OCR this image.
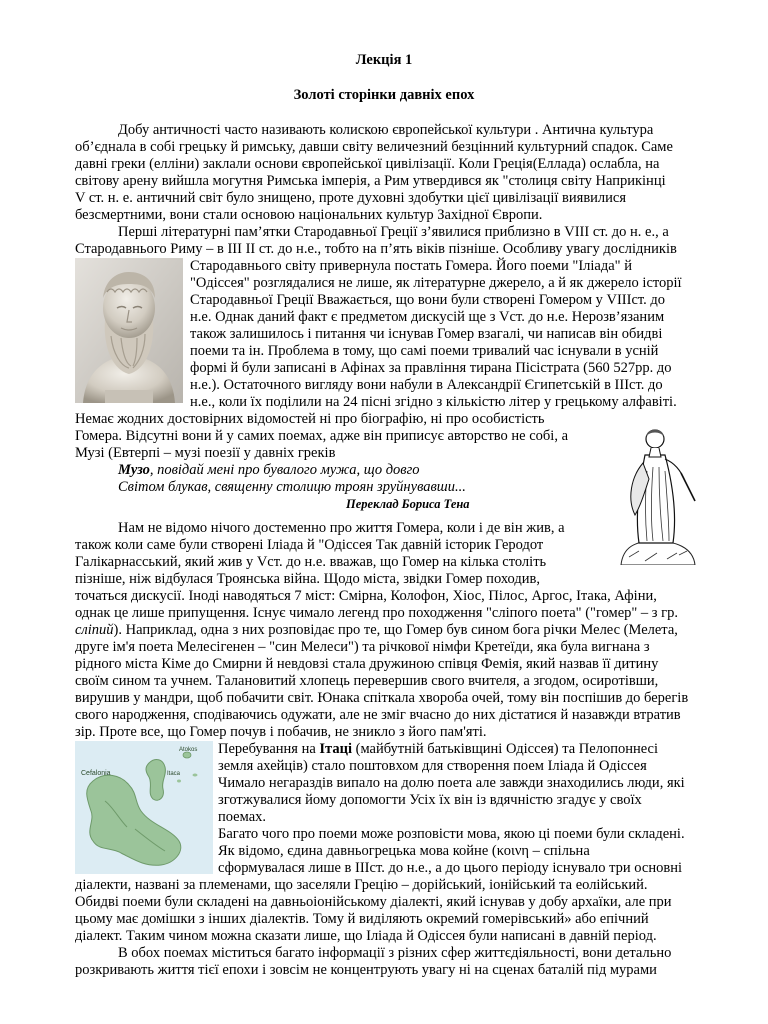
Лекція 1
Золоті сторінки давніх епох
Добу античності часто називають колискою європейської культури . Антична культура
об’єднала в собі грецьку й римську, давши світу величезний безцінний культурний спадок. Саме
давні греки (елліни) заклали основи європейської цивілізації. Коли Греція(Еллада) ослабла, на
світову арену вийшла могутня Римська імперія, а Рим утвердився як "столиця світу Наприкінці
V ст. н. е. античний світ було знищено, проте духовні здобутки цієї цивілізації виявилися
безсмертними, вони стали основою національних культур Західної Європи.
Перші літературні пам’ятки Стародавньої Греції з’явилися приблизно в VIII ст. до н. е., а
Стародавнього Риму – в ІІІ ІІ ст. до н.е., тобто на п’ять віків пізніше. Особливу увагу дослідників
Стародавнього світу привернула постать Гомера. Його поеми "Іліада" й
"Одіссея" розглядалися не лише, як літературне джерело, а й як джерело історії
Стародавньої Греції Вважається, що вони були створені Гомером у VIIIст. до
н.е. Однак даний факт є предметом дискусій ще з Vст. до н.е. Нерозв’язаним
також залишилось і питання чи існував Гомер взагалі, чи написав він обидві
поеми та ін. Проблема в тому, що самі поеми тривалий час існували в усній
формі й були записані в Афінах за правління тирана Пісістрата (560 527рр. до
н.е.). Остаточного вигляду вони набули в Александрії Єгипетській в ІІІст. до
н.е., коли їх поділили на 24 пісні згідно з кількістю літер у грецькому алфавіті.
Немає жодних достовірних відомостей ні про біографію, ні про особистість
Гомера. Відсутні вони й у самих поемах, адже він приписує авторство не собі, а
Музі (Евтерпі – музі поезії у давніх греків
Музо, повідай мені про бувалого мужа, що довго
Світом блукав, священну столицю троян зруйнувавши...
Переклад Бориса Тена
Нам не відомо нічого достеменно про життя Гомера, коли і де він жив, а
також коли саме були створені Іліада й "Одіссея Так давній історик Геродот
Галікарнасський, який жив у Vст. до н.е. вважав, що Гомер на кілька століть
пізніше, ніж відбулася Троянська війна. Щодо міста, звідки Гомер походив,
точаться дискусії. Іноді наводяться 7 міст: Смірна, Колофон, Хіос, Пілос, Аргос, Ітака, Афіни,
однак це лише припущення. Існує чимало легенд про походження "сліпого поета" ("гомер" – з гр.
сліпий). Наприклад, одна з них розповідає про те, що Гомер був сином бога річки Мелес (Мелета,
друге ім'я поета Мелесігенен – "син Мелеси") та річкової німфи Кретеїди, яка була вигнана з
рідного міста Кіме до Смирни й невдовзі стала дружиною співця Фемія, який назвав її дитину
своїм сином та учнем. Талановитий хлопець перевершив свого вчителя, а згодом, осиротівши,
вирушив у мандри, щоб побачити світ. Юнака спіткала хвороба очей, тому він поспішив до берегів
свого народження, сподіваючись одужати, але не зміг вчасно до них дістатися й назавжди втратив
зір. Проте все, що Гомер почув і побачив, не зникло з його пам'яті.
Перебування на Ітаці (майбутній батьківщині Одіссея) та Пелопоннесі
земля ахейців) стало поштовхом для створення поем Іліада й Одіссея
Чимало негараздів випало на долю поета але завжди знаходились люди, які
зготжувалися йому допомогти Усіх їх він із вдячністю згадує у своїх
поемах.
Багато чого про поеми може розповісти мова, якою ці поеми були складені.
Як відомо, єдина давньогрецька мова койне (κοινη – спільна
сформувалася лише в ІІІст. до н.е., а до цього періоду існувало три основні
діалекти, названі за племенами, що заселяли Грецію – дорійський, іонійський та еолійський.
Обидві поеми були складені на давньоіонійському діалекті, який існував у добу архаїки, але при
цьому має домішки з інших діалектів. Тому й виділяють окремий гомерівський» або епічний
діалект. Таким чином можна сказати лише, що Іліада й Одіссея були написані в давній період.
В обох поемах міститься багато інформації з різних сфер життєдіяльності, вони детально
розкривають життя тієї епохи і зовсім не концентрують увагу ні на сценах баталій під мурами
Cefalonia	Itaca
Atokos
